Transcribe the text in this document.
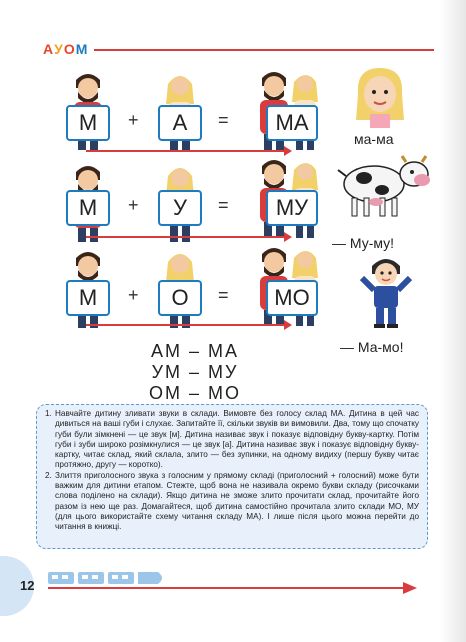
А У О М
М	+	А	=	МА
М	+	У	=	МУ
М	+	О	=	МО
АМ – МА
УМ – МУ
ОМ – МО
ма-ма
— Му-му!
— Ма-мо!
1. Навчайте дитину зливати звуки в склади. Вимовте без голосу склад МА. Дитина в цей час дивиться на ваші губи і слухає. Запитайте її, скільки звуків ви вимовили. Два, тому що спочатку губи були зімкнені — це звук [м]. Дитина називає звук і показує відповідну букву-картку. Потім губи і зуби широко розімкнулися — це звук [а]. Дитина називає звук і показує відповідну букву-картку, читає склад, який склала, злито — без зупинки, на одному видиху (першу букву читає протяжно, другу — коротко).
2. Злиття приголосного звука з голосним у прямому складі (приголосний + голосний) може бути важким для дитини етапом. Стежте, щоб вона не називала окремо букви складу (рисочками слова поділено на склади). Якщо дитина не зможе злито прочитати склад, прочитайте його разом із нею ще раз. Домагайтеся, щоб дитина самостійно прочитала злито склади МО, МУ (для цього використайте схему читання складу МА). І лише після цього можна перейти до читання в книжці.
12
